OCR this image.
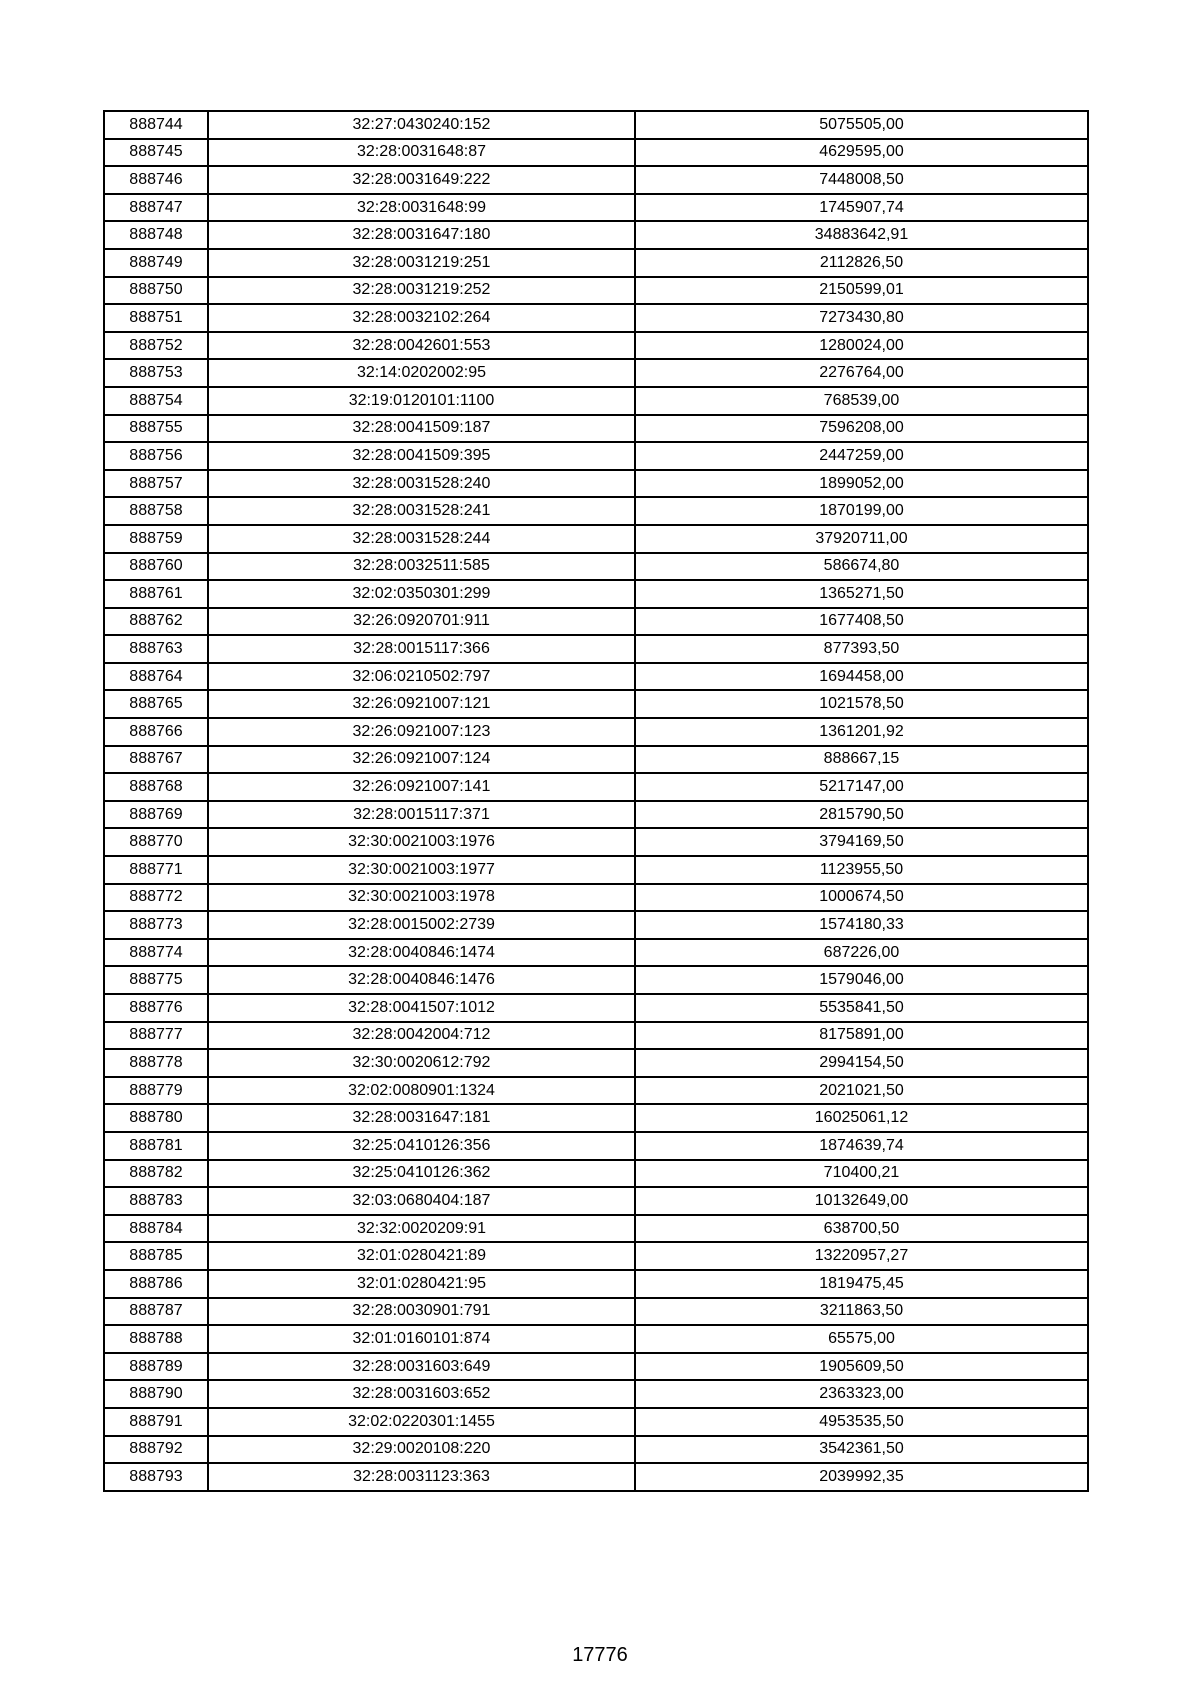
888744	32:27:0430240:152	5075505,00
888745	32:28:0031648:87	4629595,00
888746	32:28:0031649:222	7448008,50
888747	32:28:0031648:99	1745907,74
888748	32:28:0031647:180	34883642,91
888749	32:28:0031219:251	2112826,50
888750	32:28:0031219:252	2150599,01
888751	32:28:0032102:264	7273430,80
888752	32:28:0042601:553	1280024,00
888753	32:14:0202002:95	2276764,00
888754	32:19:0120101:1100	768539,00
888755	32:28:0041509:187	7596208,00
888756	32:28:0041509:395	2447259,00
888757	32:28:0031528:240	1899052,00
888758	32:28:0031528:241	1870199,00
888759	32:28:0031528:244	37920711,00
888760	32:28:0032511:585	586674,80
888761	32:02:0350301:299	1365271,50
888762	32:26:0920701:911	1677408,50
888763	32:28:0015117:366	877393,50
888764	32:06:0210502:797	1694458,00
888765	32:26:0921007:121	1021578,50
888766	32:26:0921007:123	1361201,92
888767	32:26:0921007:124	888667,15
888768	32:26:0921007:141	5217147,00
888769	32:28:0015117:371	2815790,50
888770	32:30:0021003:1976	3794169,50
888771	32:30:0021003:1977	1123955,50
888772	32:30:0021003:1978	1000674,50
888773	32:28:0015002:2739	1574180,33
888774	32:28:0040846:1474	687226,00
888775	32:28:0040846:1476	1579046,00
888776	32:28:0041507:1012	5535841,50
888777	32:28:0042004:712	8175891,00
888778	32:30:0020612:792	2994154,50
888779	32:02:0080901:1324	2021021,50
888780	32:28:0031647:181	16025061,12
888781	32:25:0410126:356	1874639,74
888782	32:25:0410126:362	710400,21
888783	32:03:0680404:187	10132649,00
888784	32:32:0020209:91	638700,50
888785	32:01:0280421:89	13220957,27
888786	32:01:0280421:95	1819475,45
888787	32:28:0030901:791	3211863,50
888788	32:01:0160101:874	65575,00
888789	32:28:0031603:649	1905609,50
888790	32:28:0031603:652	2363323,00
888791	32:02:0220301:1455	4953535,50
888792	32:29:0020108:220	3542361,50
888793	32:28:0031123:363	2039992,35
17776
